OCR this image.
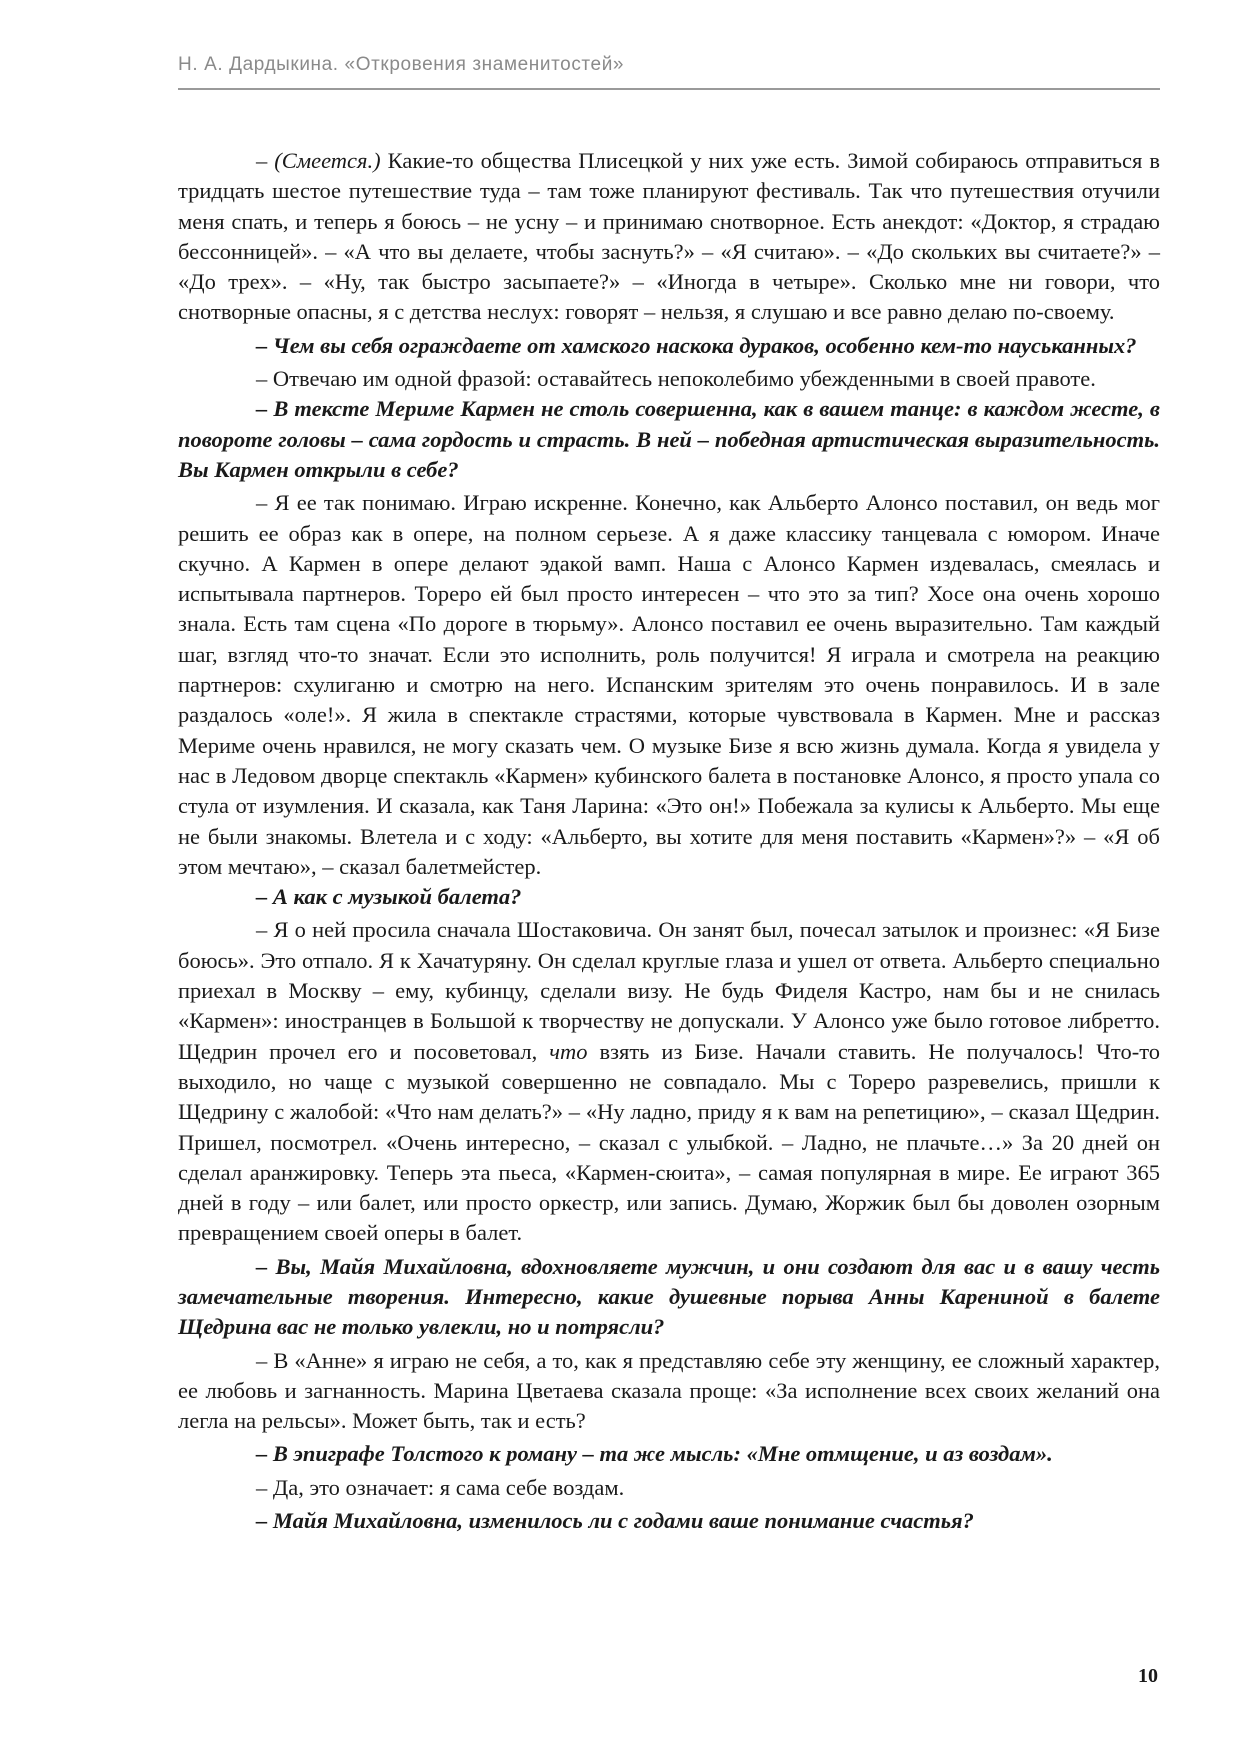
Н. А. Дардыкина. «Откровения знаменитостей»

– (Смеется.) Какие-то общества Плисецкой у них уже есть. Зимой собираюсь отправиться в тридцать шестое путешествие туда – там тоже планируют фестиваль. Так что путешествия отучили меня спать, и теперь я боюсь – не усну – и принимаю снотворное. Есть анекдот: «Доктор, я страдаю бессонницей». – «А что вы делаете, чтобы заснуть?» – «Я считаю». – «До скольких вы считаете?» – «До трех». – «Ну, так быстро засыпаете?» – «Иногда в четыре». Сколько мне ни говори, что снотворные опасны, я с детства неслух: говорят – нельзя, я слушаю и все равно делаю по-своему.

– Чем вы себя ограждаете от хамского наскока дураков, особенно кем-то науськанных?

– Отвечаю им одной фразой: оставайтесь непоколебимо убежденными в своей правоте.

– В тексте Мериме Кармен не столь совершенна, как в вашем танце: в каждом жесте, в повороте головы – сама гордость и страсть. В ней – победная артистическая выразительность. Вы Кармен открыли в себе?

– Я ее так понимаю. Играю искренне. Конечно, как Альберто Алонсо поставил, он ведь мог решить ее образ как в опере, на полном серьезе. А я даже классику танцевала с юмором. Иначе скучно. А Кармен в опере делают эдакой вамп. Наша с Алонсо Кармен издевалась, смеялась и испытывала партнеров. Тореро ей был просто интересен – что это за тип? Хосе она очень хорошо знала. Есть там сцена «По дороге в тюрьму». Алонсо поставил ее очень выразительно. Там каждый шаг, взгляд что-то значат. Если это исполнить, роль получится! Я играла и смотрела на реакцию партнеров: схулиганю и смотрю на него. Испанским зрителям это очень понравилось. И в зале раздалось «оле!». Я жила в спектакле страстями, которые чувствовала в Кармен. Мне и рассказ Мериме очень нравился, не могу сказать чем. О музыке Бизе я всю жизнь думала. Когда я увидела у нас в Ледовом дворце спектакль «Кармен» кубинского балета в постановке Алонсо, я просто упала со стула от изумления. И сказала, как Таня Ларина: «Это он!» Побежала за кулисы к Альберто. Мы еще не были знакомы. Влетела и с ходу: «Альберто, вы хотите для меня поставить «Кармен»?» – «Я об этом мечтаю», – сказал балетмейстер.

– А как с музыкой балета?

– Я о ней просила сначала Шостаковича. Он занят был, почесал затылок и произнес: «Я Бизе боюсь». Это отпало. Я к Хачатуряну. Он сделал круглые глаза и ушел от ответа. Альберто специально приехал в Москву – ему, кубинцу, сделали визу. Не будь Фиделя Кастро, нам бы и не снилась «Кармен»: иностранцев в Большой к творчеству не допускали. У Алонсо уже было готовое либретто. Щедрин прочел его и посоветовал, что взять из Бизе. Начали ставить. Не получалось! Что-то выходило, но чаще с музыкой совершенно не совпадало. Мы с Тореро разревелись, пришли к Щедрину с жалобой: «Что нам делать?» – «Ну ладно, приду я к вам на репетицию», – сказал Щедрин. Пришел, посмотрел. «Очень интересно, – сказал с улыбкой. – Ладно, не плачьте…» За 20 дней он сделал аранжировку. Теперь эта пьеса, «Кармен-сюита», – самая популярная в мире. Ее играют 365 дней в году – или балет, или просто оркестр, или запись. Думаю, Жоржик был бы доволен озорным превращением своей оперы в балет.

– Вы, Майя Михайловна, вдохновляете мужчин, и они создают для вас и в вашу честь замечательные творения. Интересно, какие душевные порыва Анны Карениной в балете Щедрина вас не только увлекли, но и потрясли?

– В «Анне» я играю не себя, а то, как я представляю себе эту женщину, ее сложный характер, ее любовь и загнанность. Марина Цветаева сказала проще: «За исполнение всех своих желаний она легла на рельсы». Может быть, так и есть?

– В эпиграфе Толстого к роману – та же мысль: «Мне отмщение, и аз воздам».

– Да, это означает: я сама себе воздам.

– Майя Михайловна, изменилось ли с годами ваше понимание счастья?

10
